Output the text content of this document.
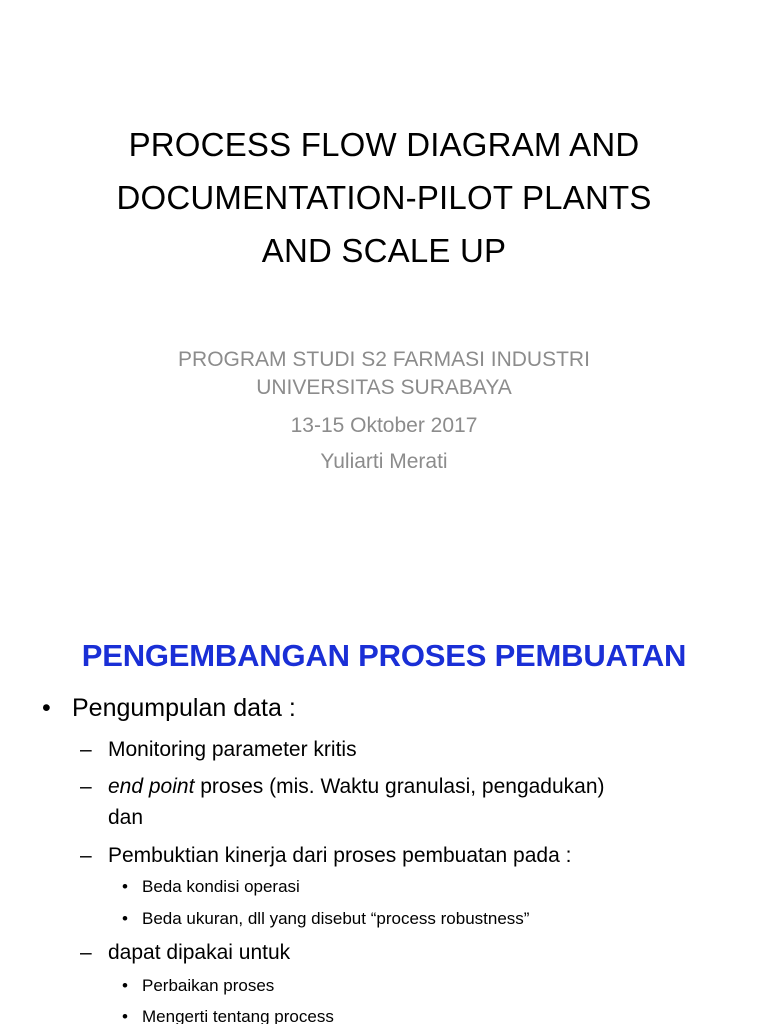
PROCESS FLOW DIAGRAM AND
DOCUMENTATION-PILOT PLANTS
AND SCALE UP
PROGRAM STUDI S2 FARMASI INDUSTRI
UNIVERSITAS SURABAYA
13-15 Oktober 2017
Yuliarti Merati
PENGEMBANGAN PROSES PEMBUATAN
• Pengumpulan data :
– Monitoring parameter kritis
– end point proses (mis. Waktu granulasi, pengadukan)
dan
– Pembuktian kinerja dari proses pembuatan pada :
• Beda kondisi operasi
• Beda ukuran, dll yang disebut “process robustness”
– dapat dipakai untuk
• Perbaikan proses
• Mengerti tentang process
